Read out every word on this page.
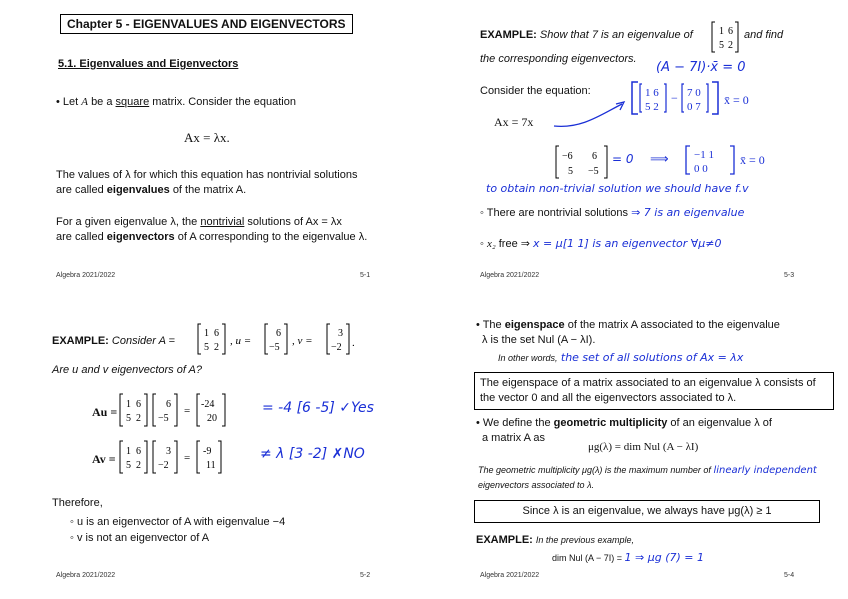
Chapter 5 - EIGENVALUES AND EIGENVECTORS
5.1. Eigenvalues and Eigenvectors
• Let A be a square matrix. Consider the equation
Ax = λx.
The values of λ for which this equation has nontrivial solutions
are called eigenvalues of the matrix A.
For a given eigenvalue λ, the nontrivial solutions of Ax = λx
are called eigenvectors of A corresponding to the eigenvalue λ.
Algebra 2021/2022	5-1
EXAMPLE: Show that 7 is an eigenvalue of	1 6
5 2
and find
the corresponding eigenvectors.
(A − 7I)·x̄ = 0
Consider the equation:
Ax = 7x
1 6
5 2
− 7 0
0 7 x̄ = 0
−6 6
5 −5
= 0 ⟹ −1 1
0 0
x̄ = 0
to obtain non-trivial solution we should have f.v
◦ There are nontrivial solutions ⇒ 7 is an eigenvalue
◦ x₂ free ⇒ x = μ[1 1] is an eigenvector ∀μ≠0
Algebra 2021/2022	5-3
EXAMPLE: Consider A =
1 6
5 2
, u =
6
−5
, v =
3
−2 .
Are u and v eigenvectors of A?
Au =
1 6
5 2
6
−5
=
-24
20
= -4 [6 -5] ✓Yes
Av =
1 6
5 2
3
−2
=
-9
11
≠ λ [3 -2] ✗NO
Therefore,
◦ u is an eigenvector of A with eigenvalue −4
◦ v is not an eigenvector of A
Algebra 2021/2022	5-2
• The eigenspace of the matrix A associated to the eigenvalue
λ is the set Nul (A − λI).
In other words, the set of all solutions of Ax = λx
The eigenspace of a matrix associated to an eigenvalue λ consists of the vector 0 and all the eigenvectors associated to λ.
• We define the geometric multiplicity of an eigenvalue λ of
a matrix A as
μg(λ) = dim Nul (A − λI)
The geometric multiplicity μg(λ) is the maximum number of linearly independent eigenvectors associated to λ.
Since λ is an eigenvalue, we always have μg(λ) ≥ 1
EXAMPLE: In the previous example,
dim Nul (A − 7I) = 1 ⇒ μg (7) = 1
Algebra 2021/2022	5-4
